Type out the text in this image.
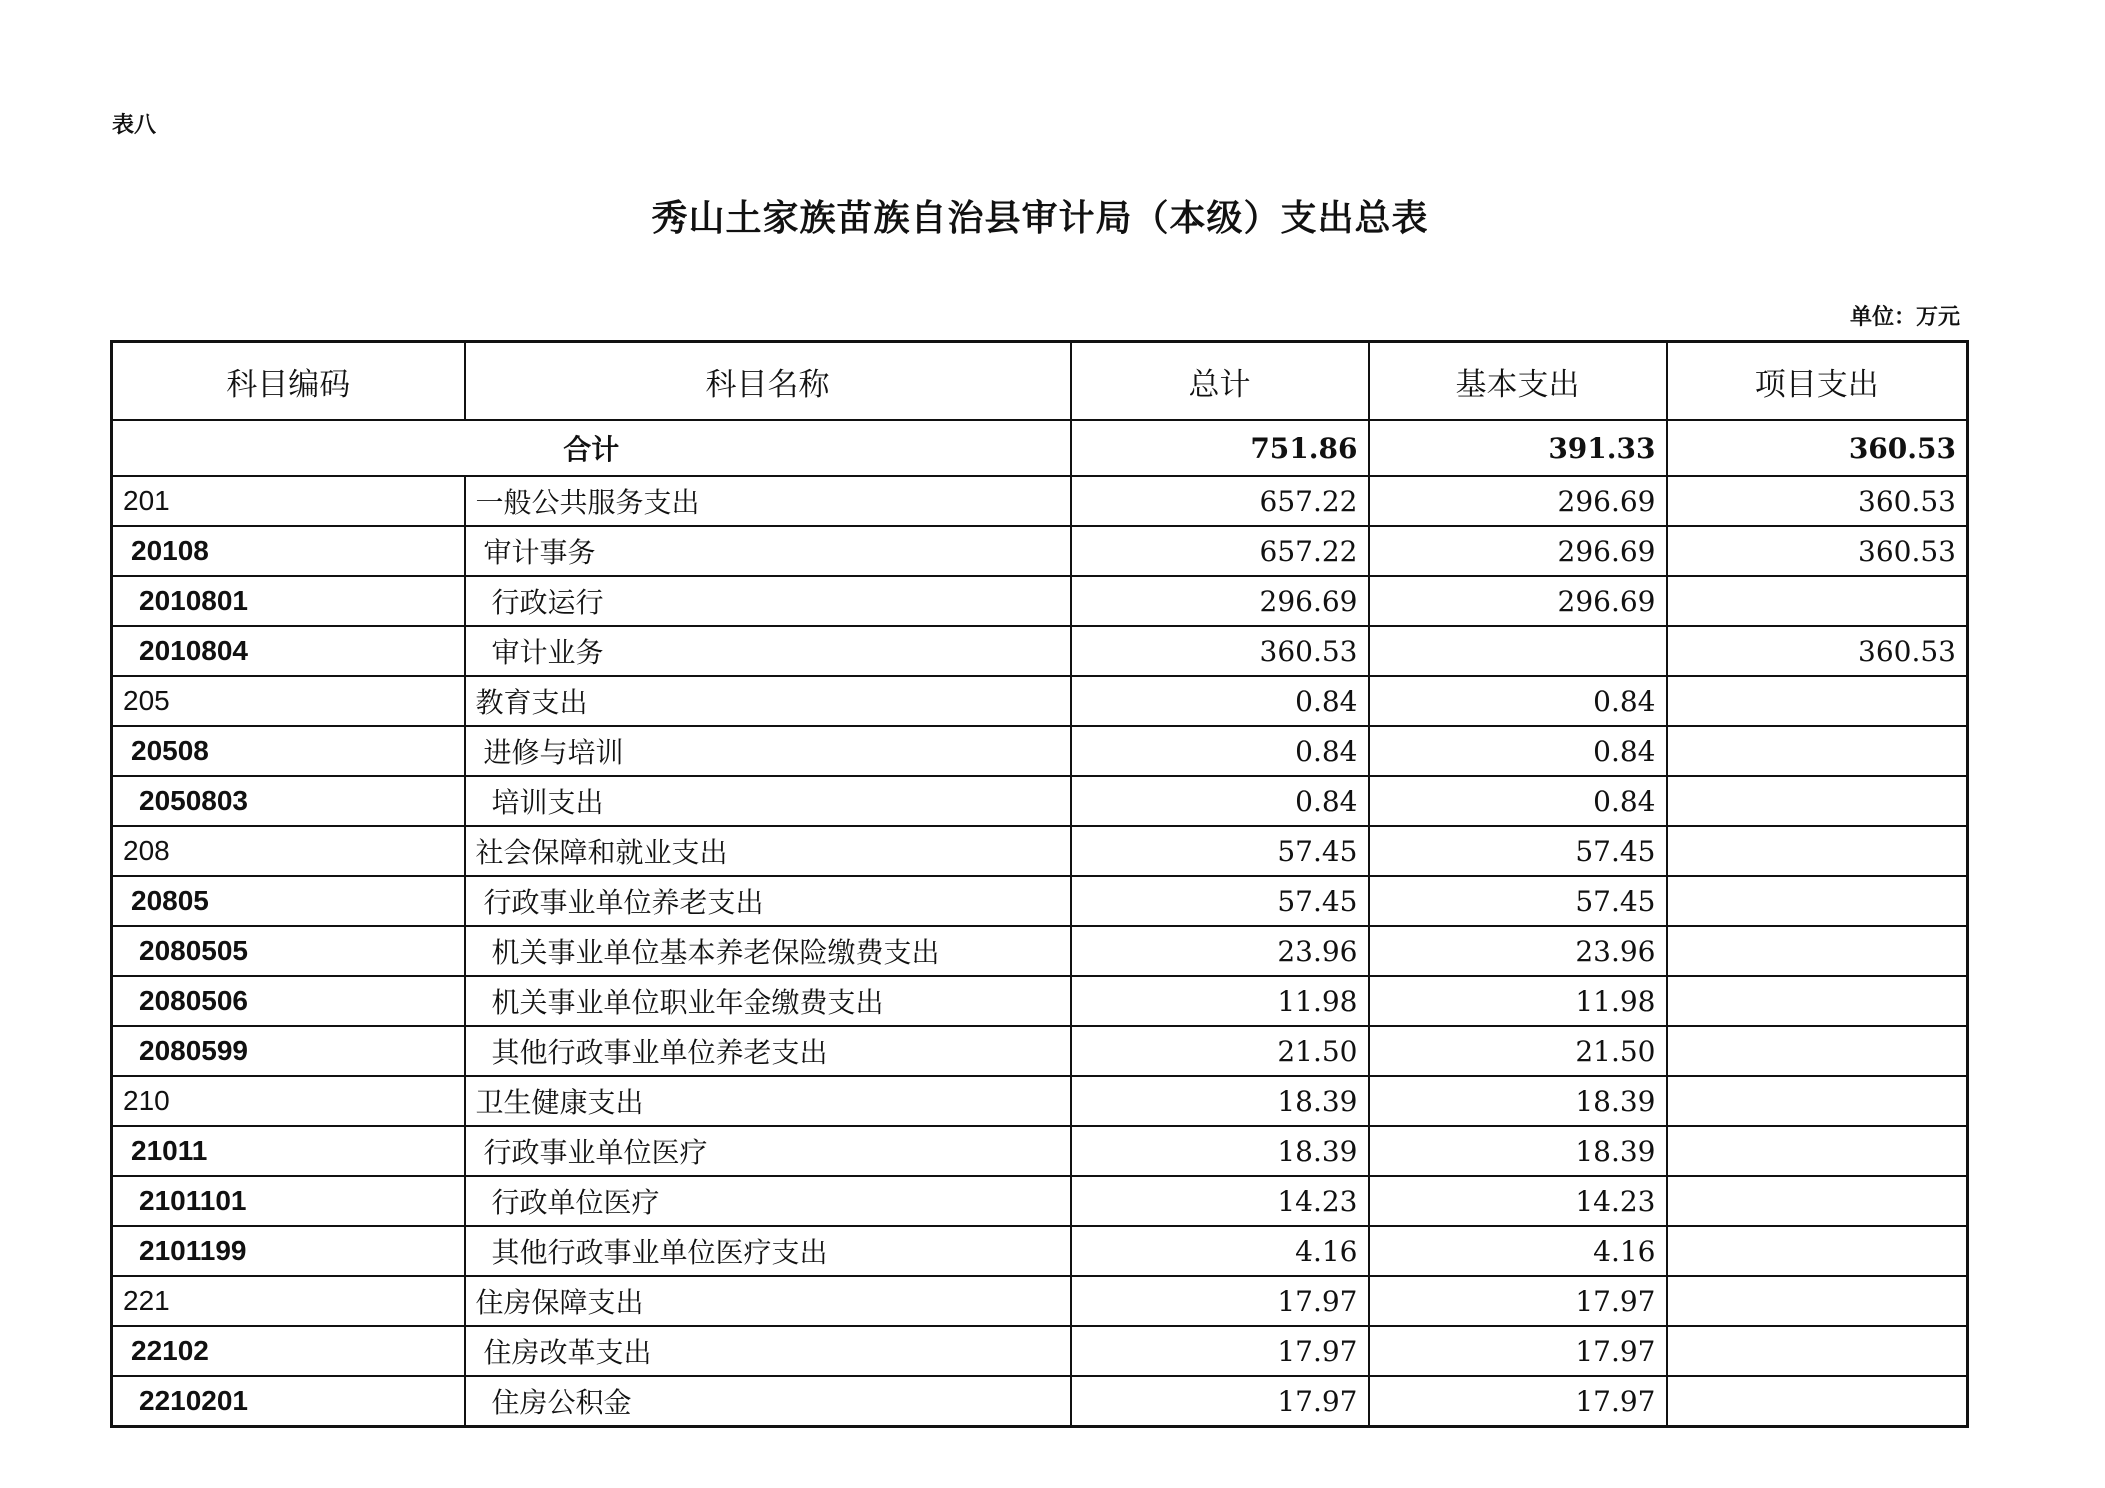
表八
秀山土家族苗族自治县审计局（本级）支出总表
单位：万元
科目编码	科目名称	总计	基本支出	项目支出
合计		751.86	391.33	360.53
201	一般公共服务支出	657.22	296.69	360.53
20108	审计事务	657.22	296.69	360.53
2010801	行政运行	296.69	296.69	
2010804	审计业务	360.53		360.53
205	教育支出	0.84	0.84	
20508	进修与培训	0.84	0.84	
2050803	培训支出	0.84	0.84	
208	社会保障和就业支出	57.45	57.45	
20805	行政事业单位养老支出	57.45	57.45	
2080505	机关事业单位基本养老保险缴费支出	23.96	23.96	
2080506	机关事业单位职业年金缴费支出	11.98	11.98	
2080599	其他行政事业单位养老支出	21.50	21.50	
210	卫生健康支出	18.39	18.39	
21011	行政事业单位医疗	18.39	18.39	
2101101	行政单位医疗	14.23	14.23	
2101199	其他行政事业单位医疗支出	4.16	4.16	
221	住房保障支出	17.97	17.97	
22102	住房改革支出	17.97	17.97	
2210201	住房公积金	17.97	17.97	
